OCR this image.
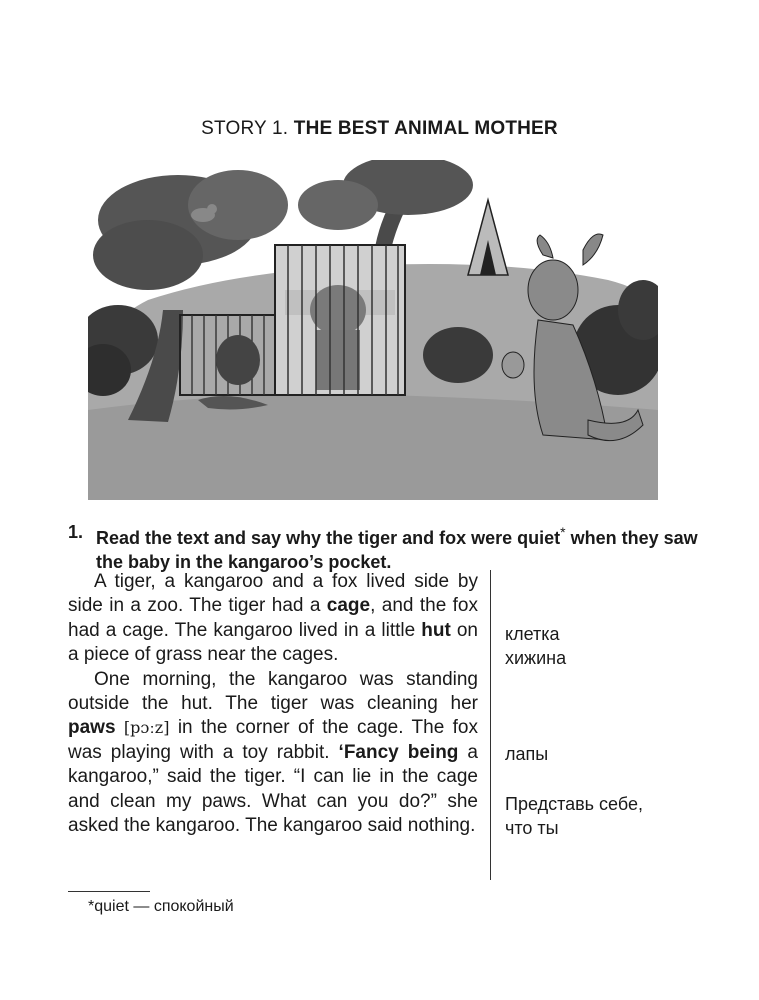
STORY 1. THE BEST ANIMAL MOTHER
1. Read the text and say why the tiger and fox were quiet* when they saw the baby in the kangaroo’s pocket.

A tiger, a kangaroo and a fox lived side by side in a zoo. The tiger had a cage, and the fox had a cage. The kangaroo lived in a little hut on a piece of grass near the cages.

One morning, the kangaroo was standing outside the hut. The tiger was cleaning her paws [pɔːz] in the corner of the cage. The fox was playing with a toy rabbit. ‘Fancy being a kangaroo,” said the tiger. “I can lie in the cage and clean my paws. What can you do?” she asked the kangaroo. The kangaroo said nothing.

клетка
хижина
лапы
Представь себе,
что ты
*quiet — спокойный
